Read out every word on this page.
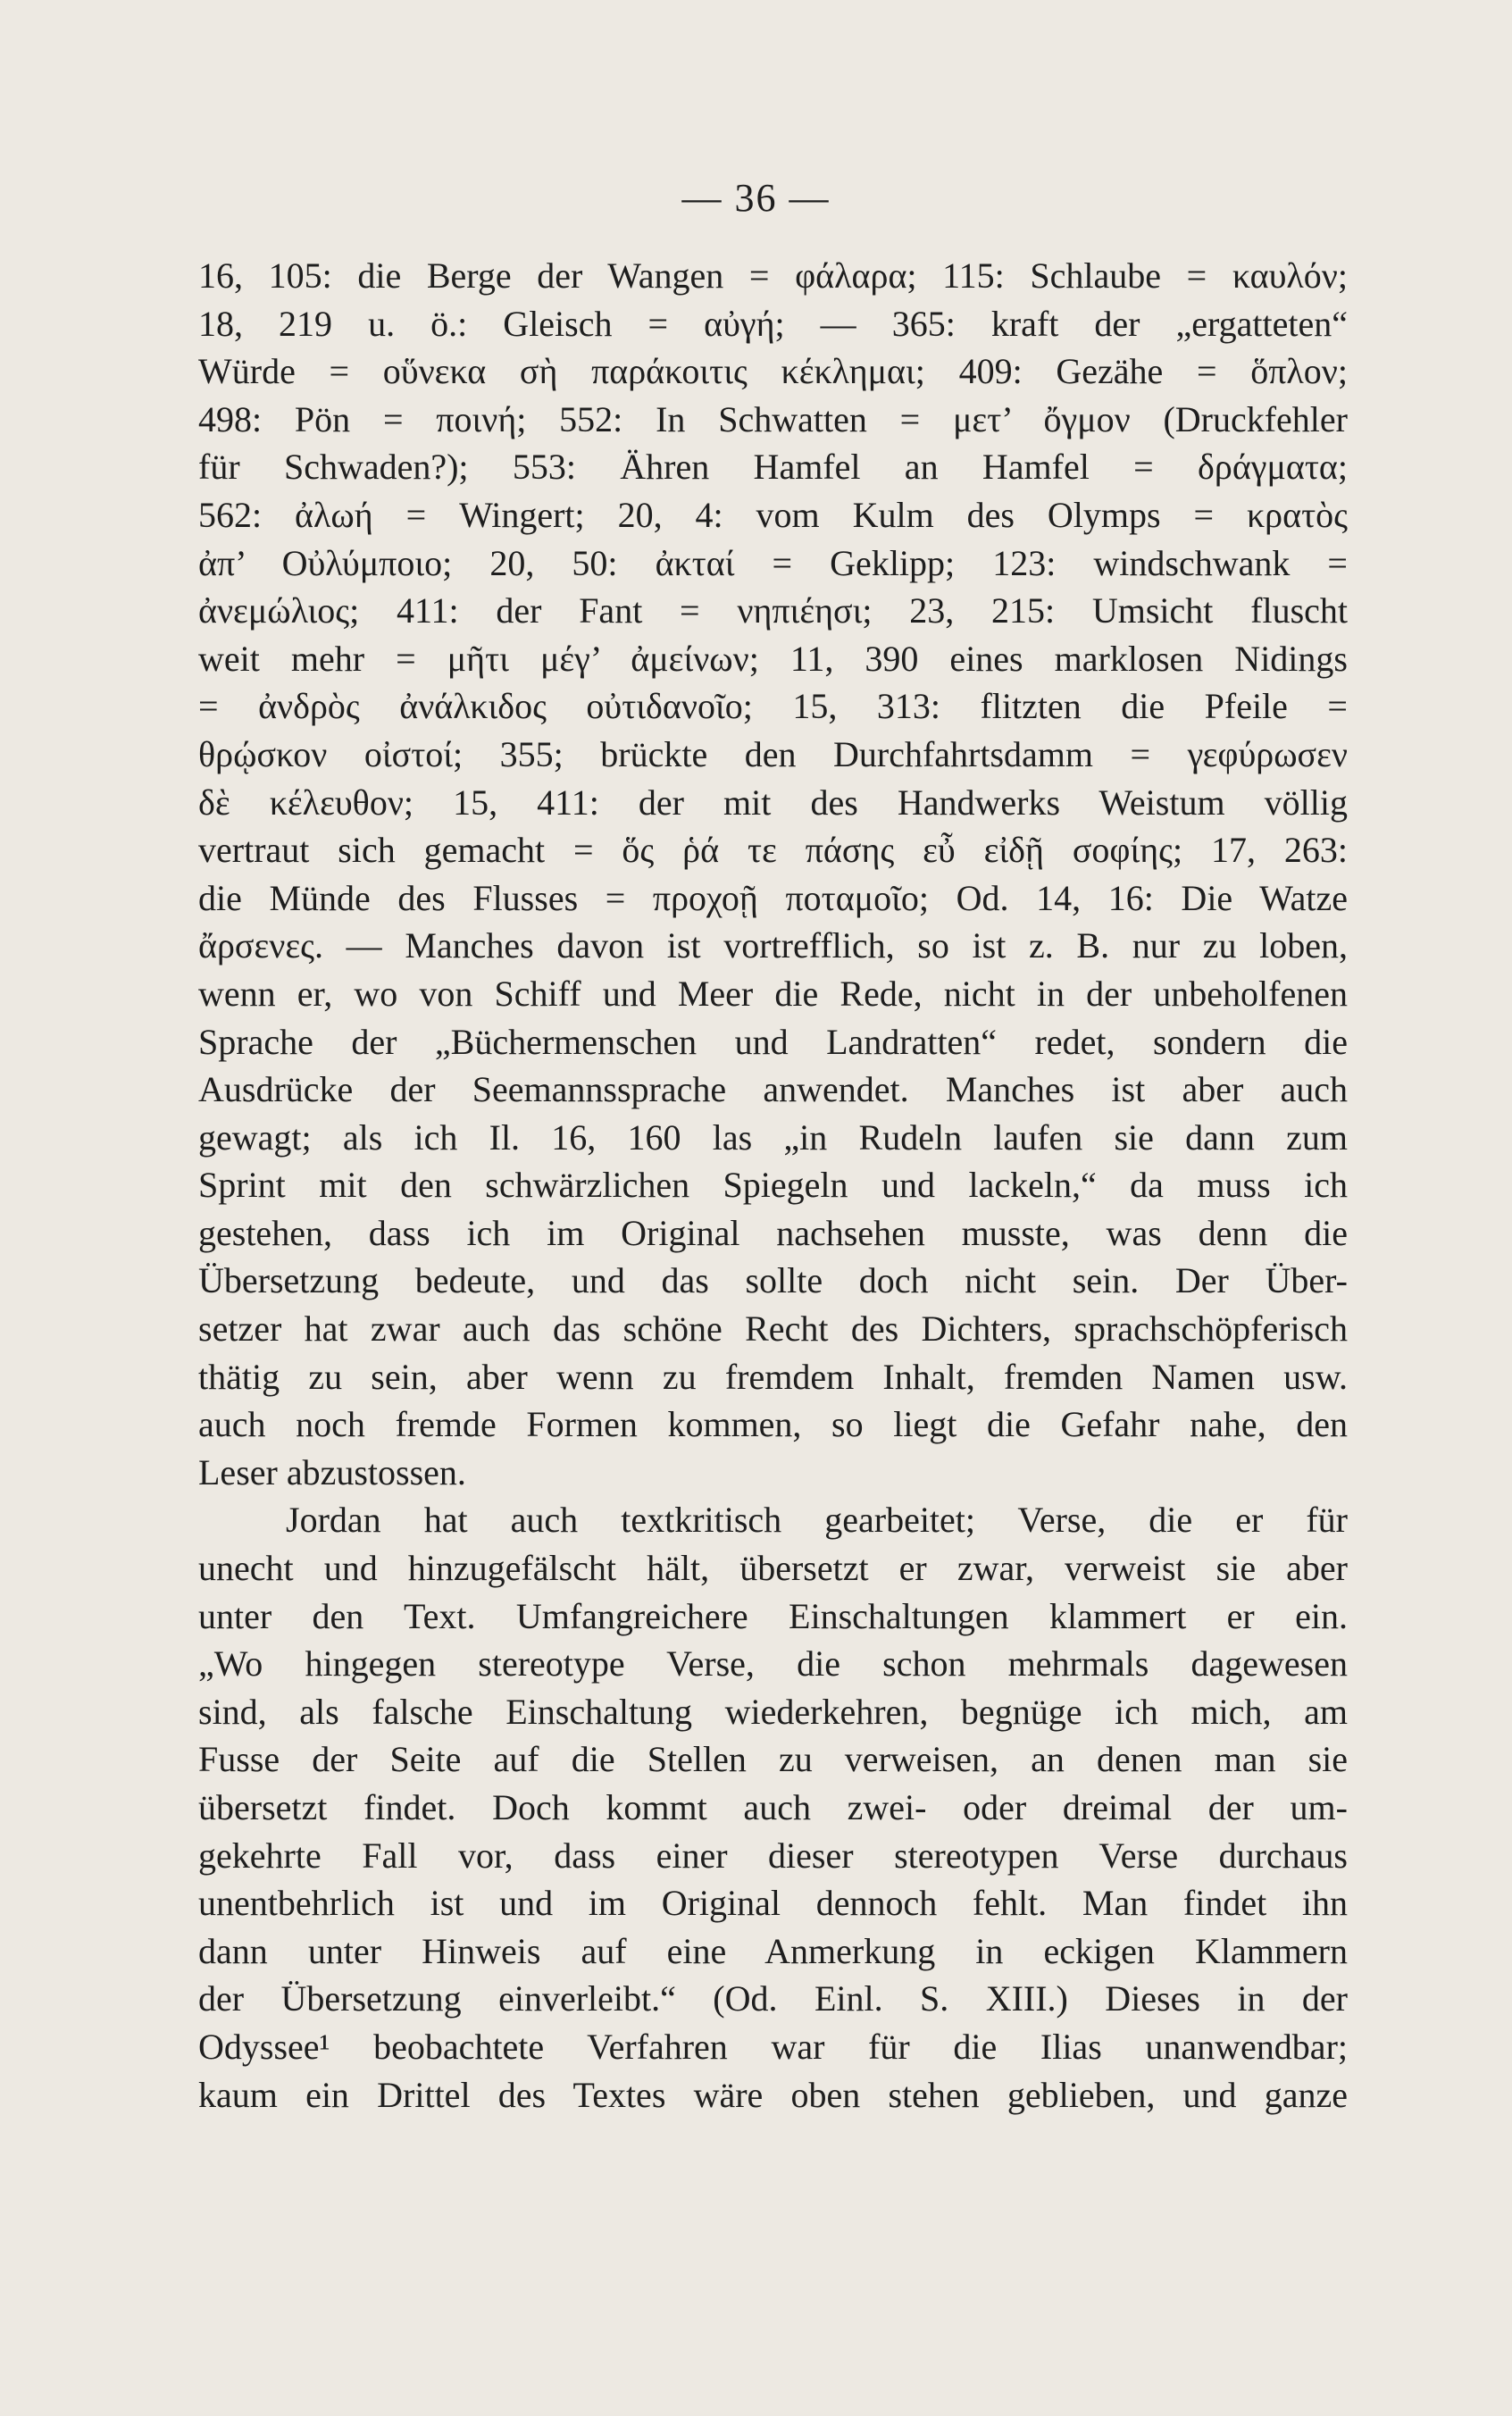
— 36 —
16, 105: die Berge der Wangen = φάλαρα; 115: Schlaube = καυλόν;
18, 219 u. ö.: Gleisch = αὐγή; — 365: kraft der „ergatteten“
Würde = οὕνεκα σὴ παράκοιτις κέκλημαι; 409: Gezähe = ὅπλον;
498: Pön = ποινή; 552: In Schwatten = μετ’ ὄγμον (Druckfehler
für Schwaden?); 553: Ähren Hamfel an Hamfel = δράγματα;
562: ἀλωή = Wingert; 20, 4: vom Kulm des Olymps = κρατὸς
ἀπ’ Οὐλύμποιο; 20, 50: ἀκταί = Geklipp; 123: windschwank =
ἀνεμώλιος; 411: der Fant = νηπιέησι; 23, 215: Umsicht fluscht
weit mehr = μῆτι μέγ’ ἀμείνων; 11, 390 eines marklosen Nidings
= ἀνδρὸς ἀνάλκιδος οὐτιδανοῖο; 15, 313: flitzten die Pfeile =
θρῴσκον οἰστοί; 355; brückte den Durchfahrtsdamm = γεφύρωσεν
δὲ κέλευθον; 15, 411: der mit des Handwerks Weistum völlig
vertraut sich gemacht = ὅς ῥά τε πάσης εὖ εἰδῇ σοφίης; 17, 263:
die Münde des Flusses = προχοῇ ποταμοῖο; Od. 14, 16: Die Watze
ἄρσενες. — Manches davon ist vortrefflich, so ist z. B. nur zu loben,
wenn er, wo von Schiff und Meer die Rede, nicht in der unbeholfenen
Sprache der „Büchermenschen und Landratten“ redet, sondern die
Ausdrücke der Seemannssprache anwendet. Manches ist aber auch
gewagt; als ich Il. 16, 160 las „in Rudeln laufen sie dann zum
Sprint mit den schwärzlichen Spiegeln und lackeln,“ da muss ich
gestehen, dass ich im Original nachsehen musste, was denn die
Übersetzung bedeute, und das sollte doch nicht sein. Der Über-
setzer hat zwar auch das schöne Recht des Dichters, sprachschöpferisch
thätig zu sein, aber wenn zu fremdem Inhalt, fremden Namen usw.
auch noch fremde Formen kommen, so liegt die Gefahr nahe, den
Leser abzustossen.
Jordan hat auch textkritisch gearbeitet; Verse, die er für
unecht und hinzugefälscht hält, übersetzt er zwar, verweist sie aber
unter den Text. Umfangreichere Einschaltungen klammert er ein.
„Wo hingegen stereotype Verse, die schon mehrmals dagewesen
sind, als falsche Einschaltung wiederkehren, begnüge ich mich, am
Fusse der Seite auf die Stellen zu verweisen, an denen man sie
übersetzt findet. Doch kommt auch zwei- oder dreimal der um-
gekehrte Fall vor, dass einer dieser stereotypen Verse durchaus
unentbehrlich ist und im Original dennoch fehlt. Man findet ihn
dann unter Hinweis auf eine Anmerkung in eckigen Klammern
der Übersetzung einverleibt.“ (Od. Einl. S. XIII.) Dieses in der
Odyssee¹ beobachtete Verfahren war für die Ilias unanwendbar;
kaum ein Drittel des Textes wäre oben stehen geblieben, und ganze
